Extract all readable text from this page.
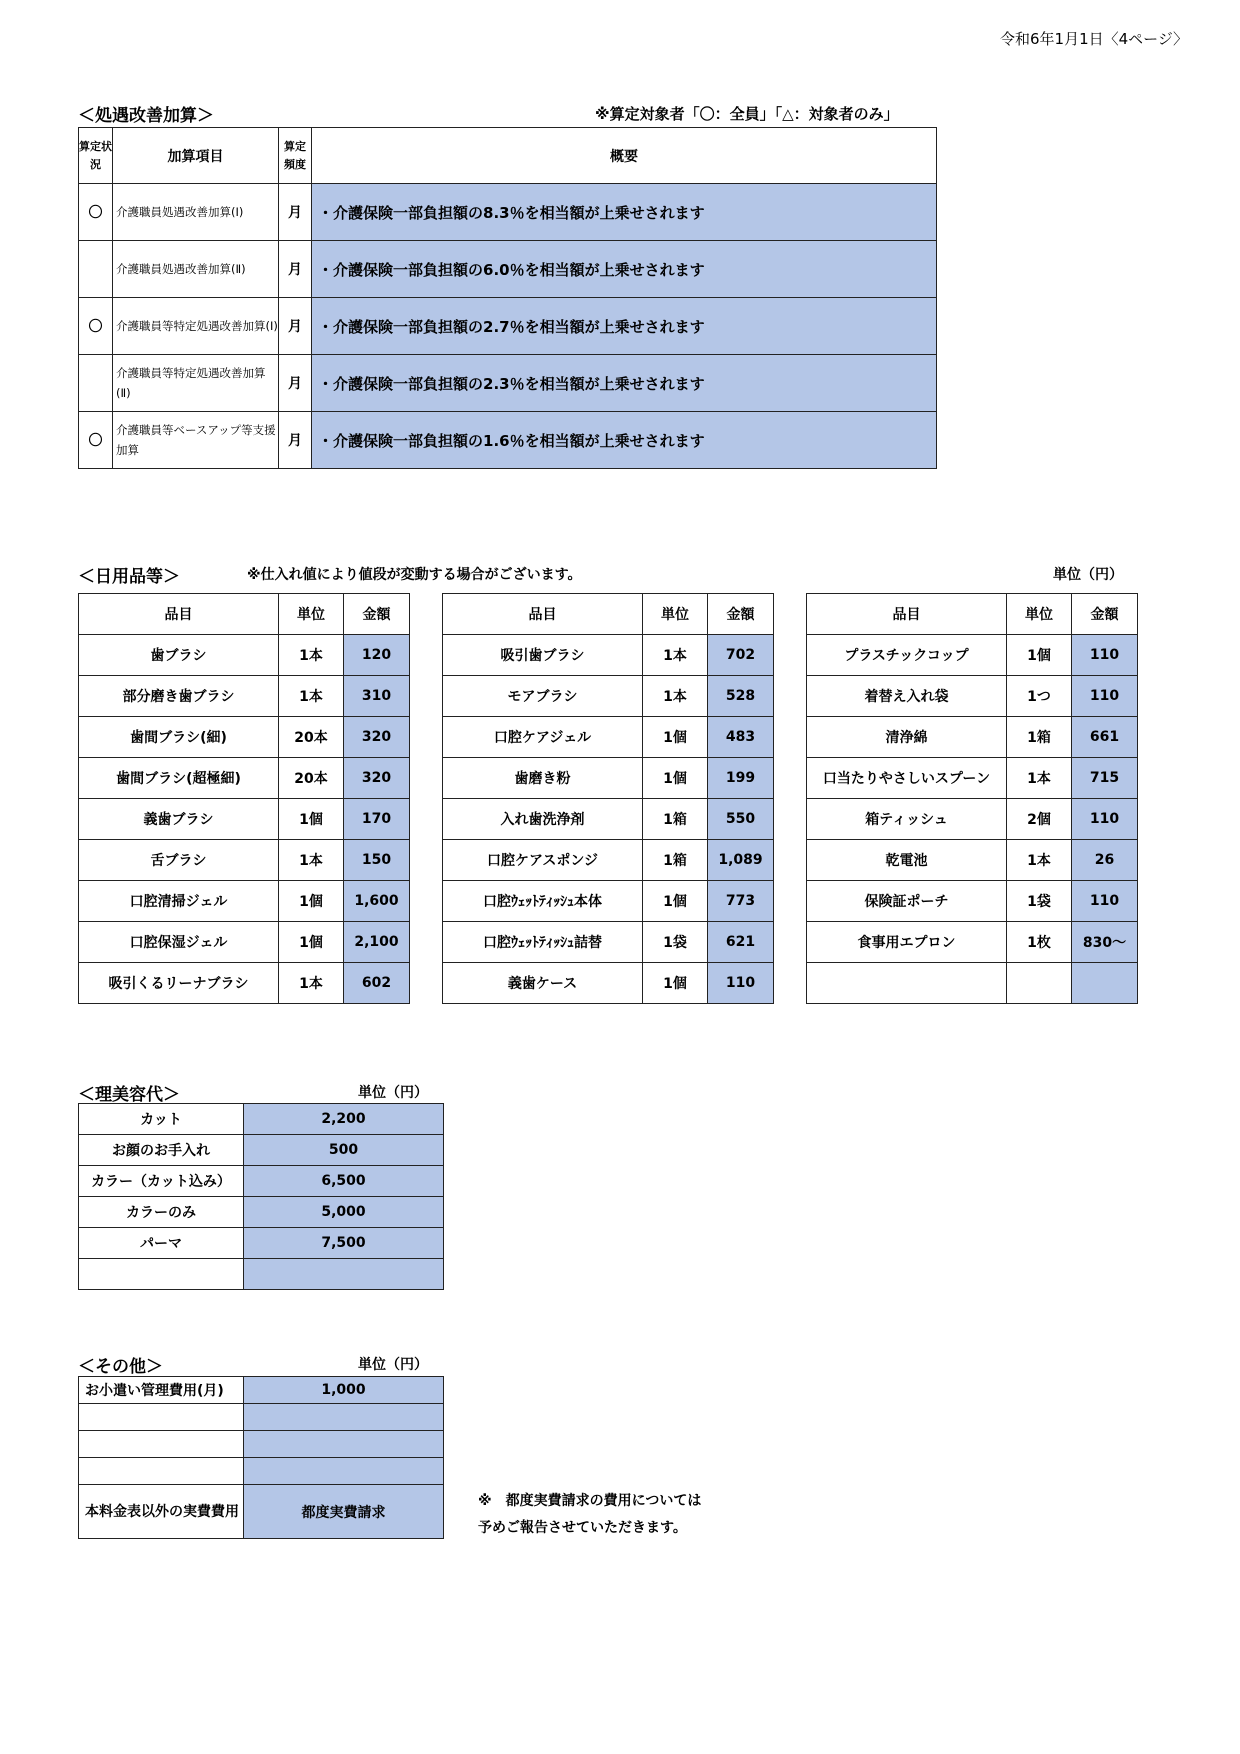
令和6年1月1日〈4ページ〉
＜処遇改善加算＞	※算定対象者「〇：全員」「△：対象者のみ」
算定状況	加算項目	算定頻度	概要
〇	介護職員処遇改善加算(Ⅰ)	月	・介護保険一部負担額の8.3％を相当額が上乗せされます
	介護職員処遇改善加算(Ⅱ)	月	・介護保険一部負担額の6.0％を相当額が上乗せされます
〇	介護職員等特定処遇改善加算(Ⅰ)	月	・介護保険一部負担額の2.7％を相当額が上乗せされます
	介護職員等特定処遇改善加算(Ⅱ)	月	・介護保険一部負担額の2.3％を相当額が上乗せされます
〇	介護職員等ベースアップ等支援加算	月	・介護保険一部負担額の1.6％を相当額が上乗せされます
＜日用品等＞	※仕入れ値により値段が変動する場合がございます。	単位（円）
品目	単位	金額
歯ブラシ	1本	120
部分磨き歯ブラシ	1本	310
歯間ブラシ(細)	20本	320
歯間ブラシ(超極細)	20本	320
義歯ブラシ	1個	170
舌ブラシ	1本	150
口腔清掃ジェル	1個	1,600
口腔保湿ジェル	1個	2,100
吸引くるリーナブラシ	1本	602
品目	単位	金額
吸引歯ブラシ	1本	702
モアブラシ	1本	528
口腔ケアジェル	1個	483
歯磨き粉	1個	199
入れ歯洗浄剤	1箱	550
口腔ケアスポンジ	1箱	1,089
口腔ｳｪｯﾄﾃｨｯｼｭ本体	1個	773
口腔ｳｪｯﾄﾃｨｯｼｭ詰替	1袋	621
義歯ケース	1個	110
品目	単位	金額
プラスチックコップ	1個	110
着替え入れ袋	1つ	110
清浄綿	1箱	661
口当たりやさしいスプーン	1本	715
箱ティッシュ	2個	110
乾電池	1本	26
保険証ポーチ	1袋	110
食事用エプロン	1枚	830～

＜理美容代＞	単位（円）
カット	2,200
お顔のお手入れ	500
カラー（カット込み）	6,500
カラーのみ	5,000
パーマ	7,500

＜その他＞	単位（円）
お小遣い管理費用(月)	1,000

本料金表以外の実費費用	都度実費請求
※　都度実費請求の費用については
予めご報告させていただきます。
